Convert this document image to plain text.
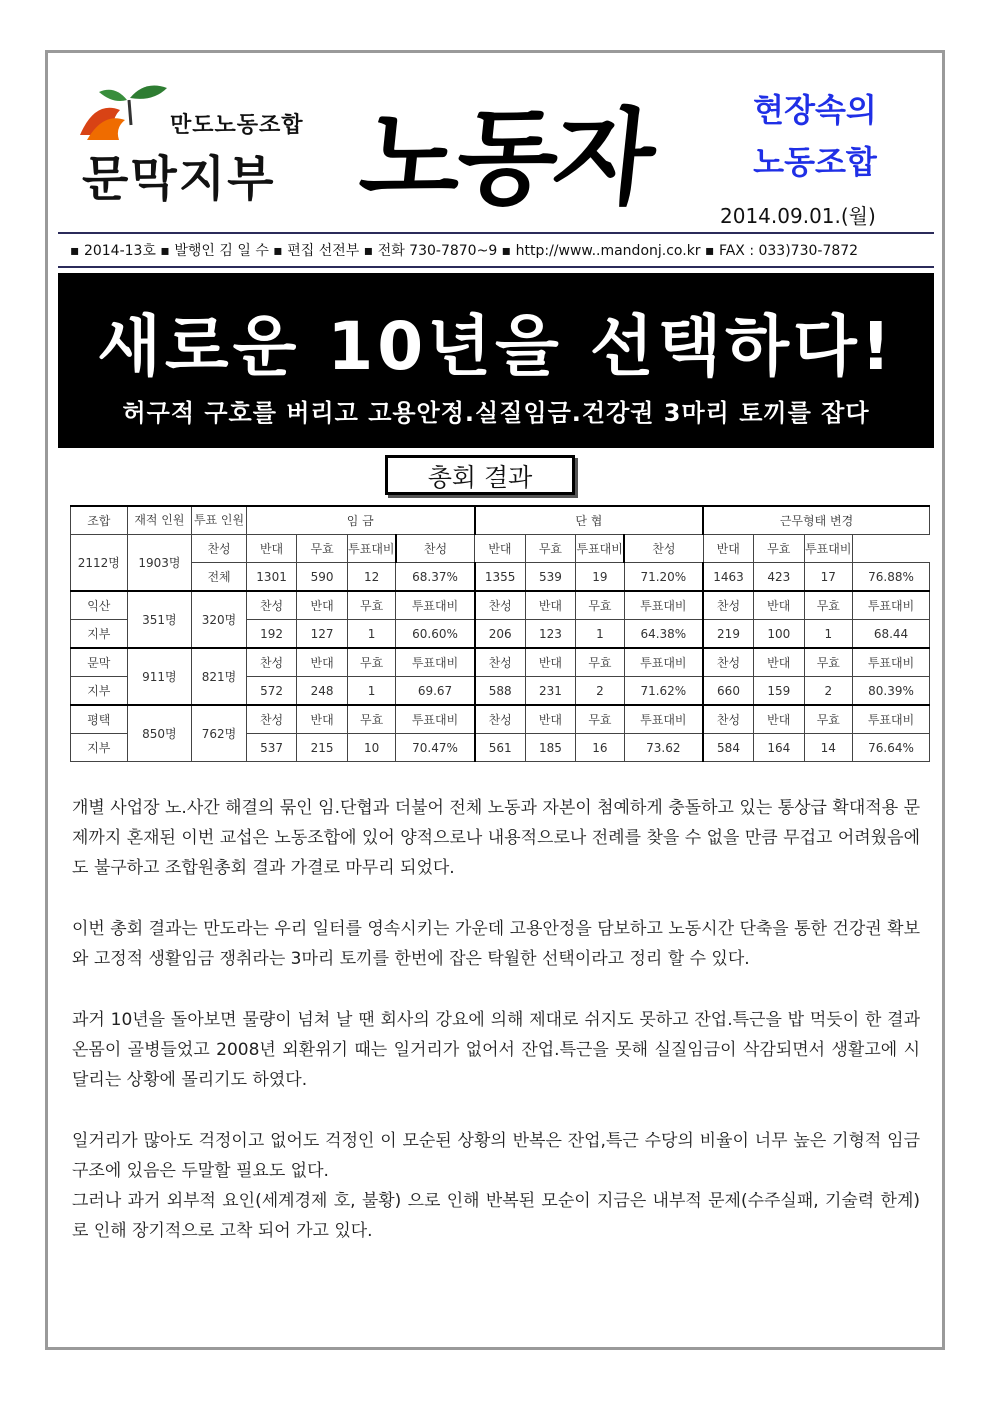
만도노동조합
문막지부 노동자	현장속의
노동조합
2014.09.01.(월)
▪ 2014-13호 ▪ 발행인 김 일 수 ▪ 편집 선전부 ▪ 전화 730-7870~9 ▪ http://www..mandonj.co.kr ▪ FAX : 033)730-7872
새로운 10년을 선택하다!
허구적 구호를 버리고 고용안정.실질임금.건강권 3마리 토끼를 잡다
총회 결과
조합	재적 인원	투표 인원	임 금				단 협				근무형태 변경			
2112명	1903명	찬성	반대	무효	투표대비	찬성	반대	무효	투표대비	찬성	반대	무효	투표대비	
		전체	1301	590	12	68.37%	1355	539	19	71.20%	1463	423	17	76.88%
익산	351명	320명	찬성	반대	무효	투표대비	찬성	반대	무효	투표대비	찬성	반대	무효	투표대비
지부			192	127	1	60.60%	206	123	1	64.38%	219	100	1	68.44
문막	911명	821명	찬성	반대	무효	투표대비	찬성	반대	무효	투표대비	찬성	반대	무효	투표대비
지부			572	248	1	69.67	588	231	2	71.62%	660	159	2	80.39%
평택	850명	762명	찬성	반대	무효	투표대비	찬성	반대	무효	투표대비	찬성	반대	무효	투표대비
지부			537	215	10	70.47%	561	185	16	73.62	584	164	14	76.64%

개별 사업장 노.사간 해결의 묶인 임.단협과 더불어 전체 노동과 자본이 첨예하게 충돌하고 있는 통상급 확대적용 문제까지 혼재된 이번 교섭은 노동조합에 있어 양적으로나 내용적으로나 전례를 찾을 수 없을 만큼 무겁고 어려웠음에도 불구하고 조합원총회 결과 가결로 마무리 되었다.

이번 총회 결과는 만도라는 우리 일터를 영속시키는 가운데 고용안정을 담보하고 노동시간 단축을 통한 건강권 확보와 고정적 생활임금 쟁취라는 3마리 토끼를 한번에 잡은 탁월한 선택이라고 정리 할 수 있다.

과거 10년을 돌아보면 물량이 넘쳐 날 땐 회사의 강요에 의해 제대로 쉬지도 못하고 잔업.특근을 밥 먹듯이 한 결과 온몸이 골병들었고 2008년 외환위기 때는 일거리가 없어서 잔업.특근을 못해 실질임금이 삭감되면서 생활고에 시달리는 상황에 몰리기도 하였다.

일거리가 많아도 걱정이고 없어도 걱정인 이 모순된 상황의 반복은 잔업,특근 수당의 비율이 너무 높은 기형적 임금구조에 있음은 두말할 필요도 없다.

그러나 과거 외부적 요인(세계경제 호, 불황) 으로 인해 반복된 모순이 지금은 내부적 문제(수주실패, 기술력 한계)로 인해 장기적으로 고착 되어 가고 있다.
